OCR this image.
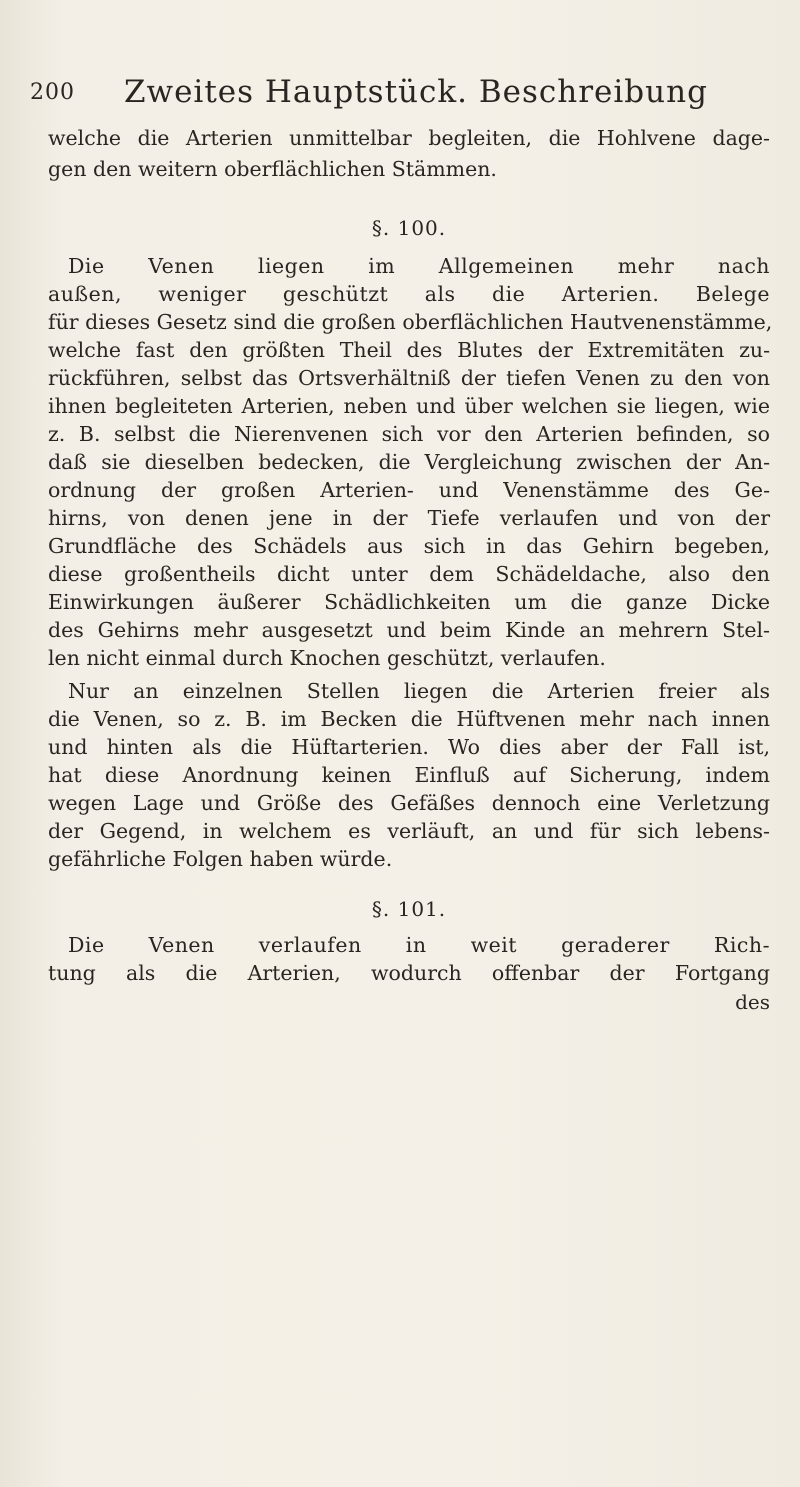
200 Zweites Hauptstück. Beschreibung
welche die Arterien unmittelbar begleiten, die Hohlvene dage-
gen den weitern oberflächlichen Stämmen.
§. 100.
Die Venen liegen im Allgemeinen mehr nach
außen, weniger geschützt als die Arterien. Belege
für dieses Gesetz sind die großen oberflächlichen Hautvenenstämme,
welche fast den größten Theil des Blutes der Extremitäten zu-
rückführen, selbst das Ortsverhältniß der tiefen Venen zu den von
ihnen begleiteten Arterien, neben und über welchen sie liegen, wie
z. B. selbst die Nierenvenen sich vor den Arterien befinden, so
daß sie dieselben bedecken, die Vergleichung zwischen der An-
ordnung der großen Arterien- und Venenstämme des Ge-
hirns, von denen jene in der Tiefe verlaufen und von der
Grundfläche des Schädels aus sich in das Gehirn begeben,
diese großentheils dicht unter dem Schädeldache, also den
Einwirkungen äußerer Schädlichkeiten um die ganze Dicke
des Gehirns mehr ausgesetzt und beim Kinde an mehrern Stel-
len nicht einmal durch Knochen geschützt, verlaufen.
Nur an einzelnen Stellen liegen die Arterien freier als
die Venen, so z. B. im Becken die Hüftvenen mehr nach innen
und hinten als die Hüftarterien. Wo dies aber der Fall ist,
hat diese Anordnung keinen Einfluß auf Sicherung, indem
wegen Lage und Größe des Gefäßes dennoch eine Verletzung
der Gegend, in welchem es verläuft, an und für sich lebens-
gefährliche Folgen haben würde.
§. 101.
Die Venen verlaufen in weit geraderer Rich-
tung als die Arterien, wodurch offenbar der Fortgang
des
